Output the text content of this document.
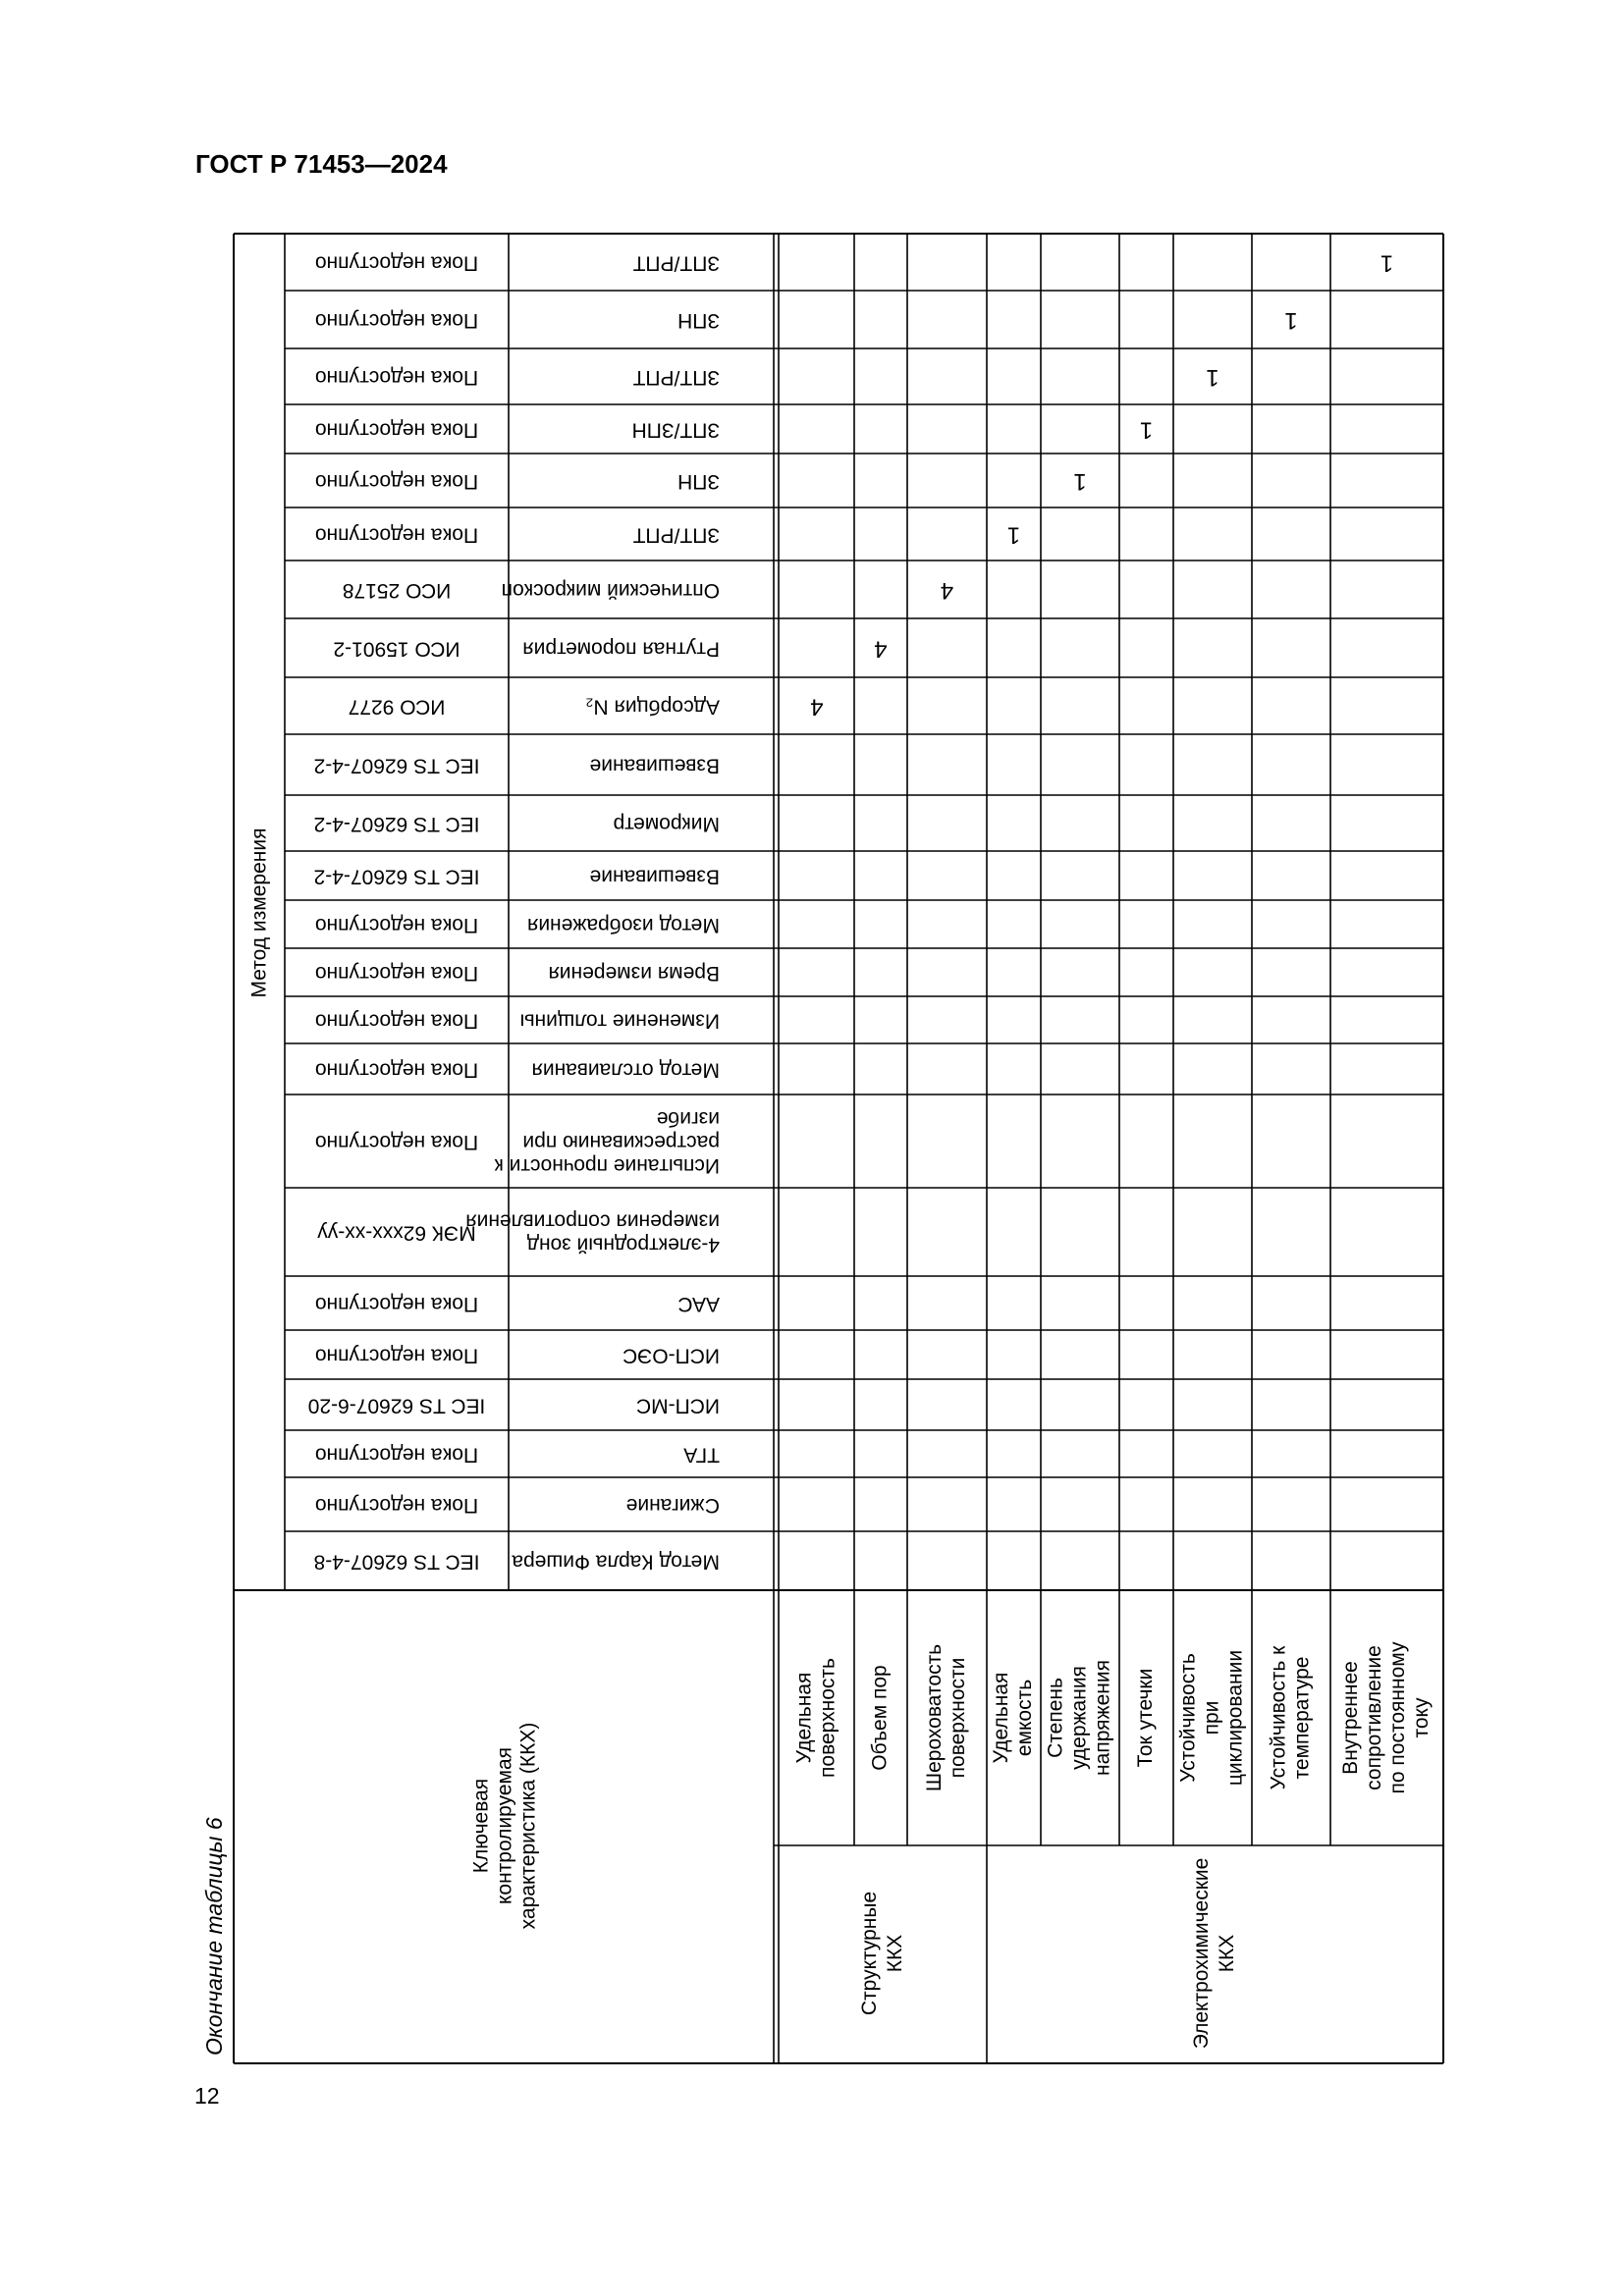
ГОСТ Р 71453—2024
Окончание таблицы 6
12
Метод измерения
Ключеваяконтролируемаяхарактеристика (ККХ)
Структурные ККХ	Электрохимические ККХ
Удельнаяповерхность Объем пор Шероховатостьповерхности Удельнаяемкость Степеньудержаниянапряжения Ток утечки Устойчивостьприциклировании Устойчивость ктемпературе Внутреннеесопротивлениепо постоянномутоку
Метод Карла Фишера
IEC TS 62607-4-8
Сжигание
Пока недоступно
ТГА
Пока недоступно
ИСП-МС
IEC TS 62607-6-20
ИСП-ОЭС
Пока недоступно
ААС
Пока недоступно
4-электродный зондизмерения сопротивления
МЭК 62xxx-xx-yy
Испытание прочности крастрескиванию приизгибе
Пока недоступно
Метод отслаивания
Пока недоступно
Изменение толщины
Пока недоступно
Время измерения
Пока недоступно
Метод изображения
Пока недоступно
Взвешивание
IEC TS 62607-4-2
Микрометр
IEC TS 62607-4-2
Взвешивание
IEC TS 62607-4-2
Адсорбция N₂
ИСО 9277
Ртутная порометрия
ИСО 15901-2
Оптический микроскоп
ИСО 25178
ЗПТ/РПТ
Пока недоступно
ЗПН
Пока недоступно
ЗПТ/ЗПН
Пока недоступно
ЗПТ/РПТ
Пока недоступно
ЗПН
Пока недоступно
ЗПТ/РПТ
Пока недоступно
4
4
4
1
1
1
1
1
1
